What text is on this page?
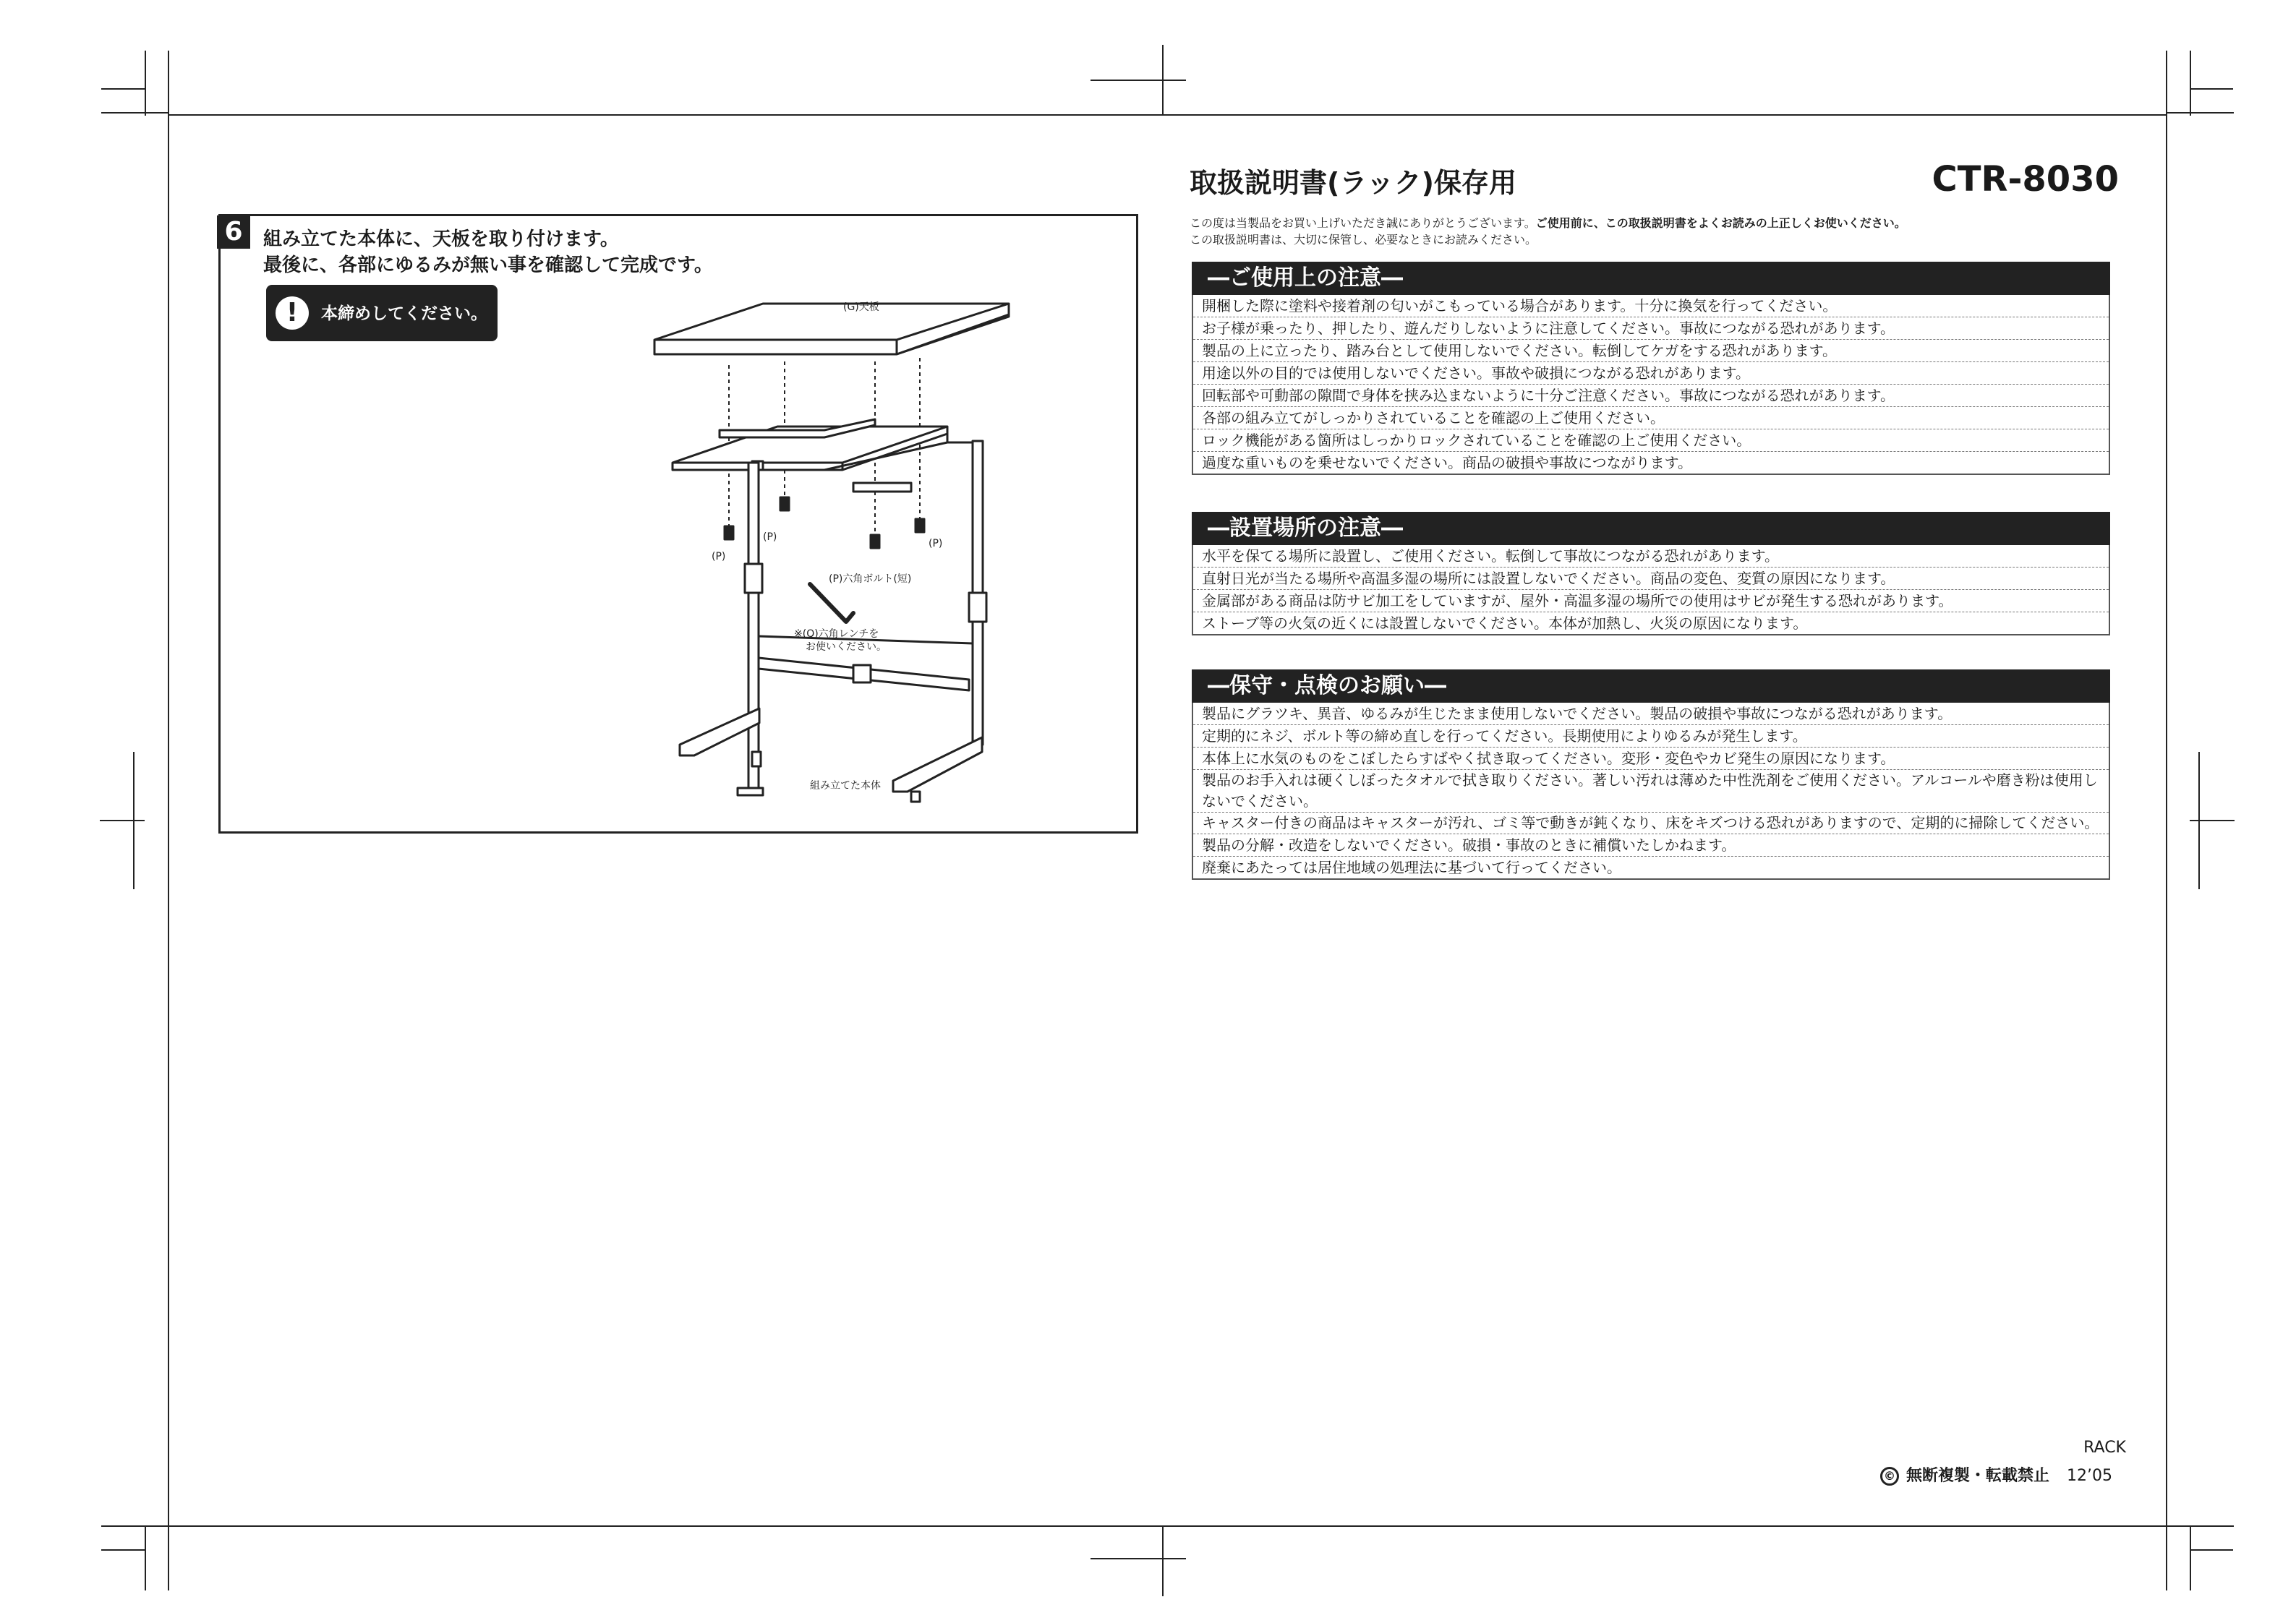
6	組み立てた本体に、天板を取り付けます。
最後に、各部にゆるみが無い事を確認して完成です。
!	本締めしてください。	(G)天板
(P)
(P)
(P)
(P)六角ボルト(短)
※(Q)六角レンチを
お使いください。
組み立てた本体
取扱説明書(ラック)保存用	CTR-8030
この度は当製品をお買い上げいただき誠にありがとうございます。ご使用前に、この取扱説明書をよくお読みの上正しくお使いください。
この取扱説明書は、大切に保管し、必要なときにお読みください。
―ご使用上の注意―
開梱した際に塗料や接着剤の匂いがこもっている場合があります。十分に換気を行ってください。
お子様が乗ったり、押したり、遊んだりしないように注意してください。事故につながる恐れがあります。
製品の上に立ったり、踏み台として使用しないでください。転倒してケガをする恐れがあります。
用途以外の目的では使用しないでください。事故や破損につながる恐れがあります。
回転部や可動部の隙間で身体を挟み込まないように十分ご注意ください。事故につながる恐れがあります。
各部の組み立てがしっかりされていることを確認の上ご使用ください。
ロック機能がある箇所はしっかりロックされていることを確認の上ご使用ください。
過度な重いものを乗せないでください。商品の破損や事故につながります。
―設置場所の注意―
水平を保てる場所に設置し、ご使用ください。転倒して事故につながる恐れがあります。
直射日光が当たる場所や高温多湿の場所には設置しないでください。商品の変色、変質の原因になります。
金属部がある商品は防サビ加工をしていますが、屋外・高温多湿の場所での使用はサビが発生する恐れがあります。
ストーブ等の火気の近くには設置しないでください。本体が加熱し、火災の原因になります。
―保守・点検のお願い―
製品にグラツキ、異音、ゆるみが生じたまま使用しないでください。製品の破損や事故につながる恐れがあります。
定期的にネジ、ボルト等の締め直しを行ってください。長期使用によりゆるみが発生します。
本体上に水気のものをこぼしたらすばやく拭き取ってください。変形・変色やカビ発生の原因になります。
製品のお手入れは硬くしぼったタオルで拭き取りください。著しい汚れは薄めた中性洗剤をご使用ください。アルコールや磨き粉は使用しないでください。
キャスター付きの商品はキャスターが汚れ、ゴミ等で動きが鈍くなり、床をキズつける恐れがありますので、定期的に掃除してください。
製品の分解・改造をしないでください。破損・事故のときに補償いたしかねます。
廃棄にあたっては居住地域の処理法に基づいて行ってください。
RACK
© 無断複製・転載禁止 12’05
